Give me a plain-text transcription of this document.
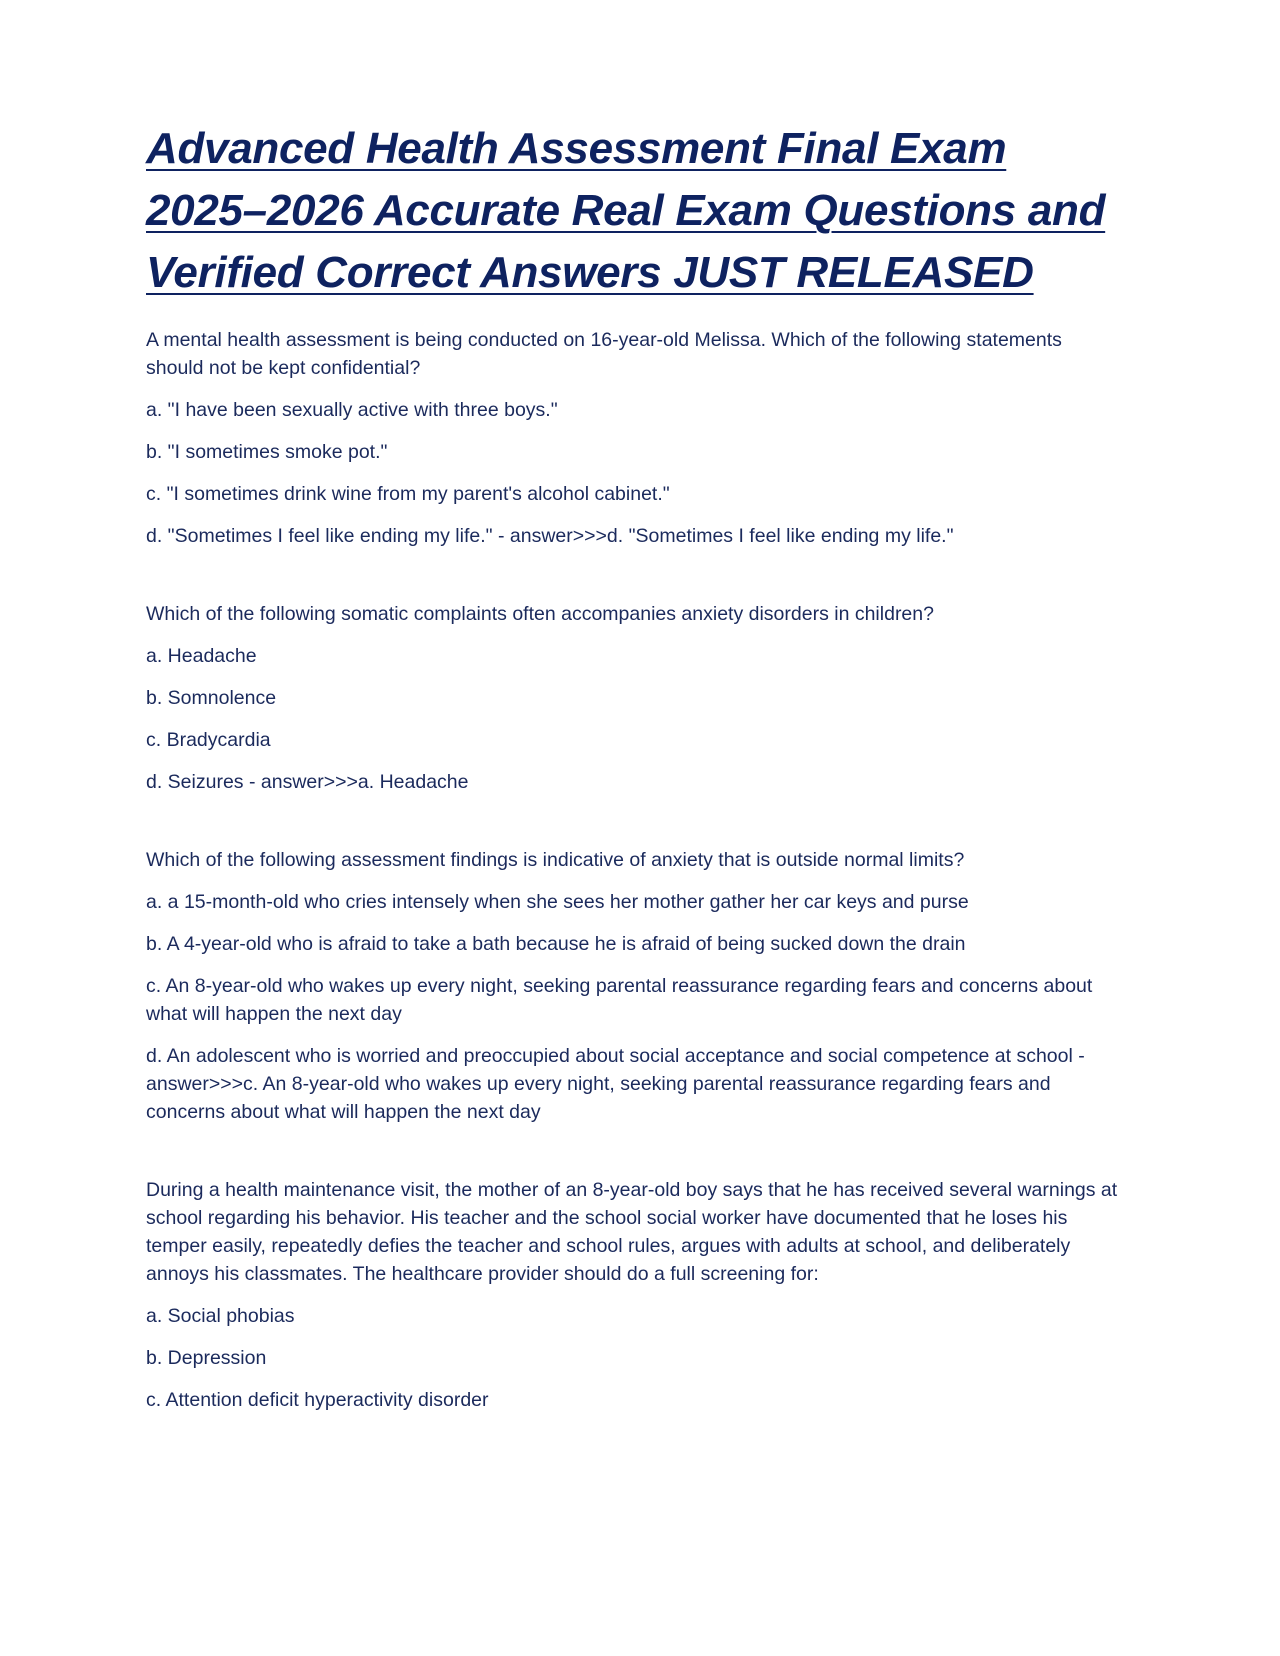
Advanced Health Assessment Final Exam 2025–2026 Accurate Real Exam Questions and Verified Correct Answers JUST RELEASED

A mental health assessment is being conducted on 16-year-old Melissa. Which of the following statements should not be kept confidential?

a. "I have been sexually active with three boys."

b. "I sometimes smoke pot."

c. "I sometimes drink wine from my parent's alcohol cabinet."

d. "Sometimes I feel like ending my life." - answer>>>d. "Sometimes I feel like ending my life."

Which of the following somatic complaints often accompanies anxiety disorders in children?

a. Headache

b. Somnolence

c. Bradycardia

d. Seizures - answer>>>a. Headache

Which of the following assessment findings is indicative of anxiety that is outside normal limits?

a. a 15-month-old who cries intensely when she sees her mother gather her car keys and purse

b. A 4-year-old who is afraid to take a bath because he is afraid of being sucked down the drain

c. An 8-year-old who wakes up every night, seeking parental reassurance regarding fears and concerns about what will happen the next day

d. An adolescent who is worried and preoccupied about social acceptance and social competence at school - answer>>>c. An 8-year-old who wakes up every night, seeking parental reassurance regarding fears and concerns about what will happen the next day

During a health maintenance visit, the mother of an 8-year-old boy says that he has received several warnings at school regarding his behavior. His teacher and the school social worker have documented that he loses his temper easily, repeatedly defies the teacher and school rules, argues with adults at school, and deliberately annoys his classmates. The healthcare provider should do a full screening for:

a. Social phobias

b. Depression

c. Attention deficit hyperactivity disorder
